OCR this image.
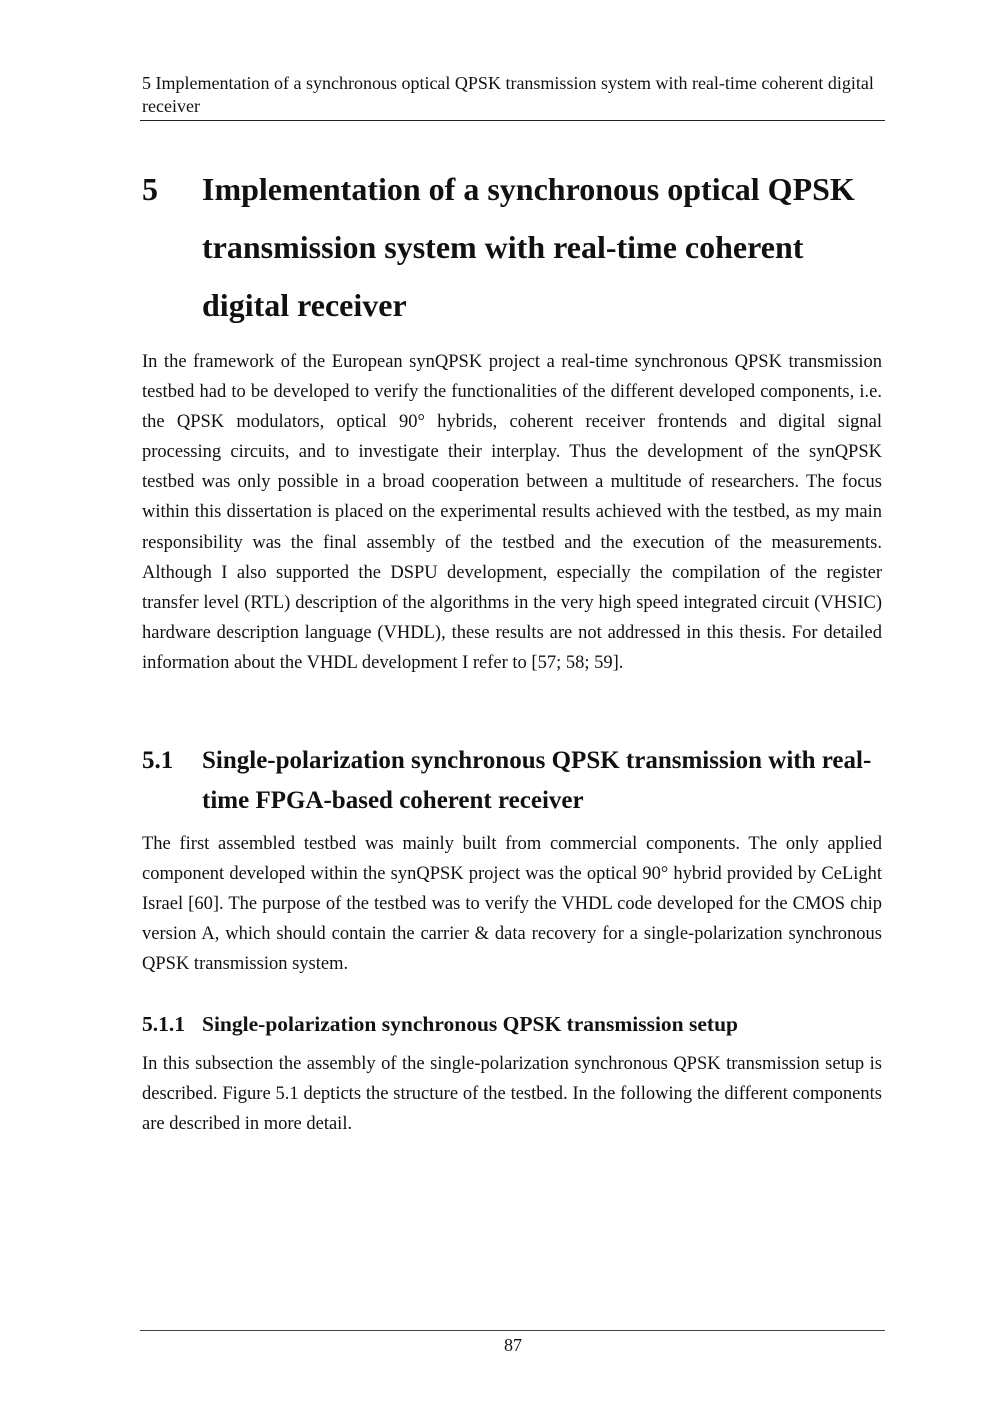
5 Implementation of a synchronous optical QPSK transmission system with real-time coherent digital receiver
5 Implementation of a synchronous optical QPSK transmission system with real-time coherent digital receiver

In the framework of the European synQPSK project a real-time synchronous QPSK transmission testbed had to be developed to verify the functionalities of the different developed components, i.e. the QPSK modulators, optical 90° hybrids, coherent receiver frontends and digital signal processing circuits, and to investigate their interplay. Thus the development of the synQPSK testbed was only possible in a broad cooperation between a multitude of researchers. The focus within this dissertation is placed on the experimental results achieved with the testbed, as my main responsibility was the final assembly of the testbed and the execution of the measurements. Although I also supported the DSPU development, especially the compilation of the register transfer level (RTL) description of the algorithms in the very high speed integrated circuit (VHSIC) hardware description language (VHDL), these results are not addressed in this thesis. For detailed information about the VHDL development I refer to [57; 58; 59].

5.1 Single-polarization synchronous QPSK transmission with real-time FPGA-based coherent receiver

The first assembled testbed was mainly built from commercial components. The only applied component developed within the synQPSK project was the optical 90° hybrid provided by CeLight Israel [60]. The purpose of the testbed was to verify the VHDL code developed for the CMOS chip version A, which should contain the carrier & data recovery for a single-polarization synchronous QPSK transmission system.

5.1.1 Single-polarization synchronous QPSK transmission setup

In this subsection the assembly of the single-polarization synchronous QPSK transmission setup is described. Figure 5.1 depticts the structure of the testbed. In the following the different components are described in more detail.

87
